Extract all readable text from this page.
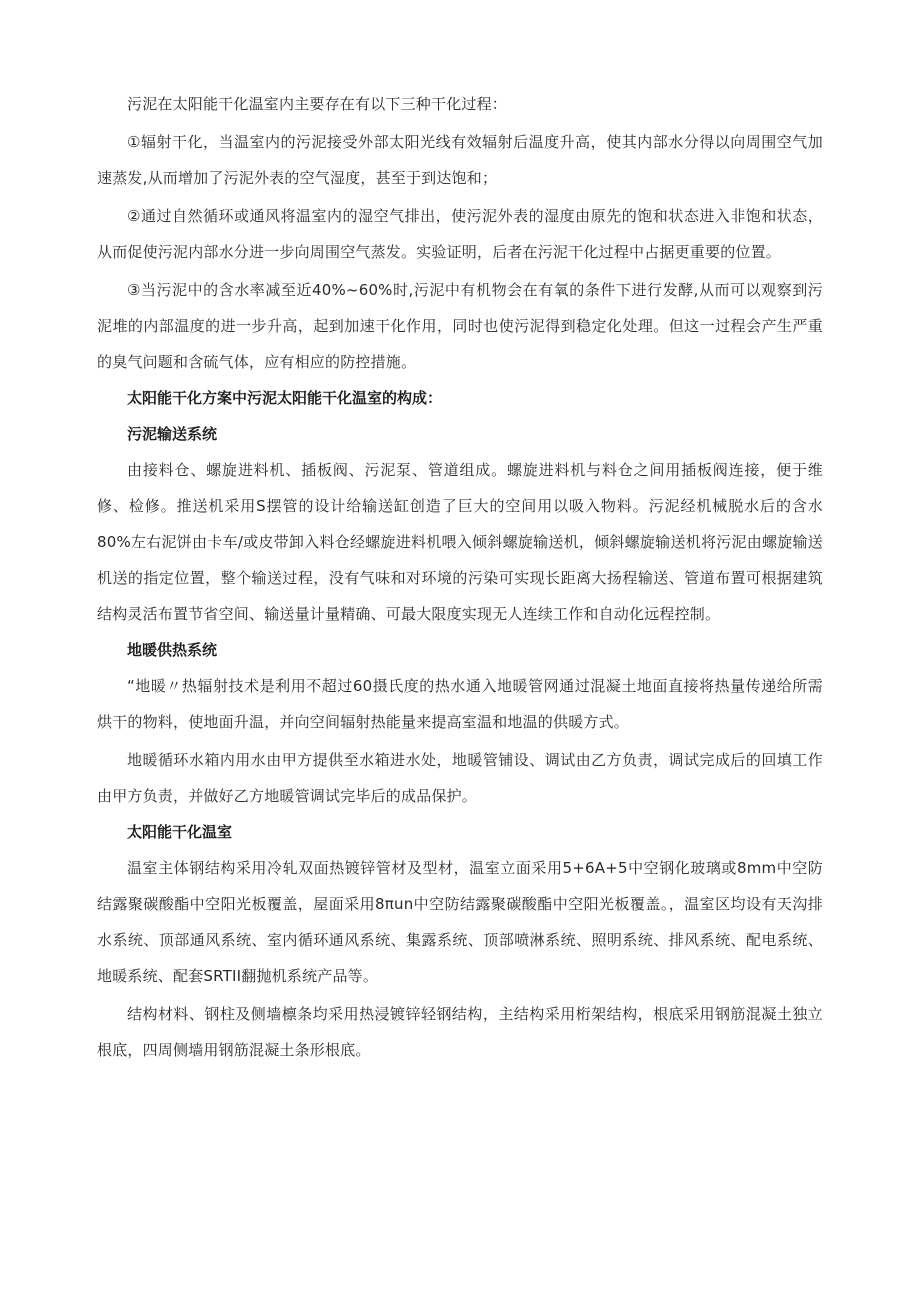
污泥在太阳能干化温室内主要存在有以下三种干化过程：

①辐射干化，当温室内的污泥接受外部太阳光线有效辐射后温度升高，使其内部水分得以向周围空气加速蒸发,从而增加了污泥外表的空气湿度，甚至于到达饱和；

②通过自然循环或通风将温室内的湿空气排出，使污泥外表的湿度由原先的饱和状态进入非饱和状态，从而促使污泥内部水分进一步向周围空气蒸发。实验证明，后者在污泥干化过程中占据更重要的位置。

③当污泥中的含水率减至近40%~60%时,污泥中有机物会在有氧的条件下进行发酵,从而可以观察到污泥堆的内部温度的进一步升高，起到加速干化作用，同时也使污泥得到稳定化处理。但这一过程会产生严重的臭气问题和含硫气体，应有相应的防控措施。

太阳能干化方案中污泥太阳能干化温室的构成：

污泥输送系统

由接料仓、螺旋进料机、插板阀、污泥泵、管道组成。螺旋进料机与料仓之间用插板阀连接，便于维修、检修。推送机采用S摆管的设计给输送缸创造了巨大的空间用以吸入物料。污泥经机械脱水后的含水80%左右泥饼由卡车/或皮带卸入料仓经螺旋进料机喂入倾斜螺旋输送机，倾斜螺旋输送机将污泥由螺旋输送机送的指定位置，整个输送过程，没有气味和对环境的污染可实现长距离大扬程输送、管道布置可根据建筑结构灵活布置节省空间、输送量计量精确、可最大限度实现无人连续工作和自动化远程控制。

地暖供热系统

“地暖〃热辐射技术是利用不超过60摄氏度的热水通入地暖管网通过混凝土地面直接将热量传递给所需烘干的物料，使地面升温，并向空间辐射热能量来提高室温和地温的供暖方式。

地暖循环水箱内用水由甲方提供至水箱进水处，地暖管铺设、调试由乙方负责，调试完成后的回填工作由甲方负责，并做好乙方地暖管调试完毕后的成品保护。

太阳能干化温室

温室主体钢结构采用冷轧双面热镀锌管材及型材，温室立面采用5+6A+5中空钢化玻璃或8mm中空防结露聚碳酸酯中空阳光板覆盖，屋面采用8πun中空防结露聚碳酸酯中空阳光板覆盖。，温室区均设有天沟排水系统、顶部通风系统、室内循环通风系统、集露系统、顶部喷淋系统、照明系统、排风系统、配电系统、地暖系统、配套SRTII翻抛机系统产品等。

结构材料、钢柱及侧墙檩条均采用热浸镀锌轻钢结构，主结构采用桁架结构，根底采用钢筋混凝土独立根底，四周侧墙用钢筋混凝土条形根底。
